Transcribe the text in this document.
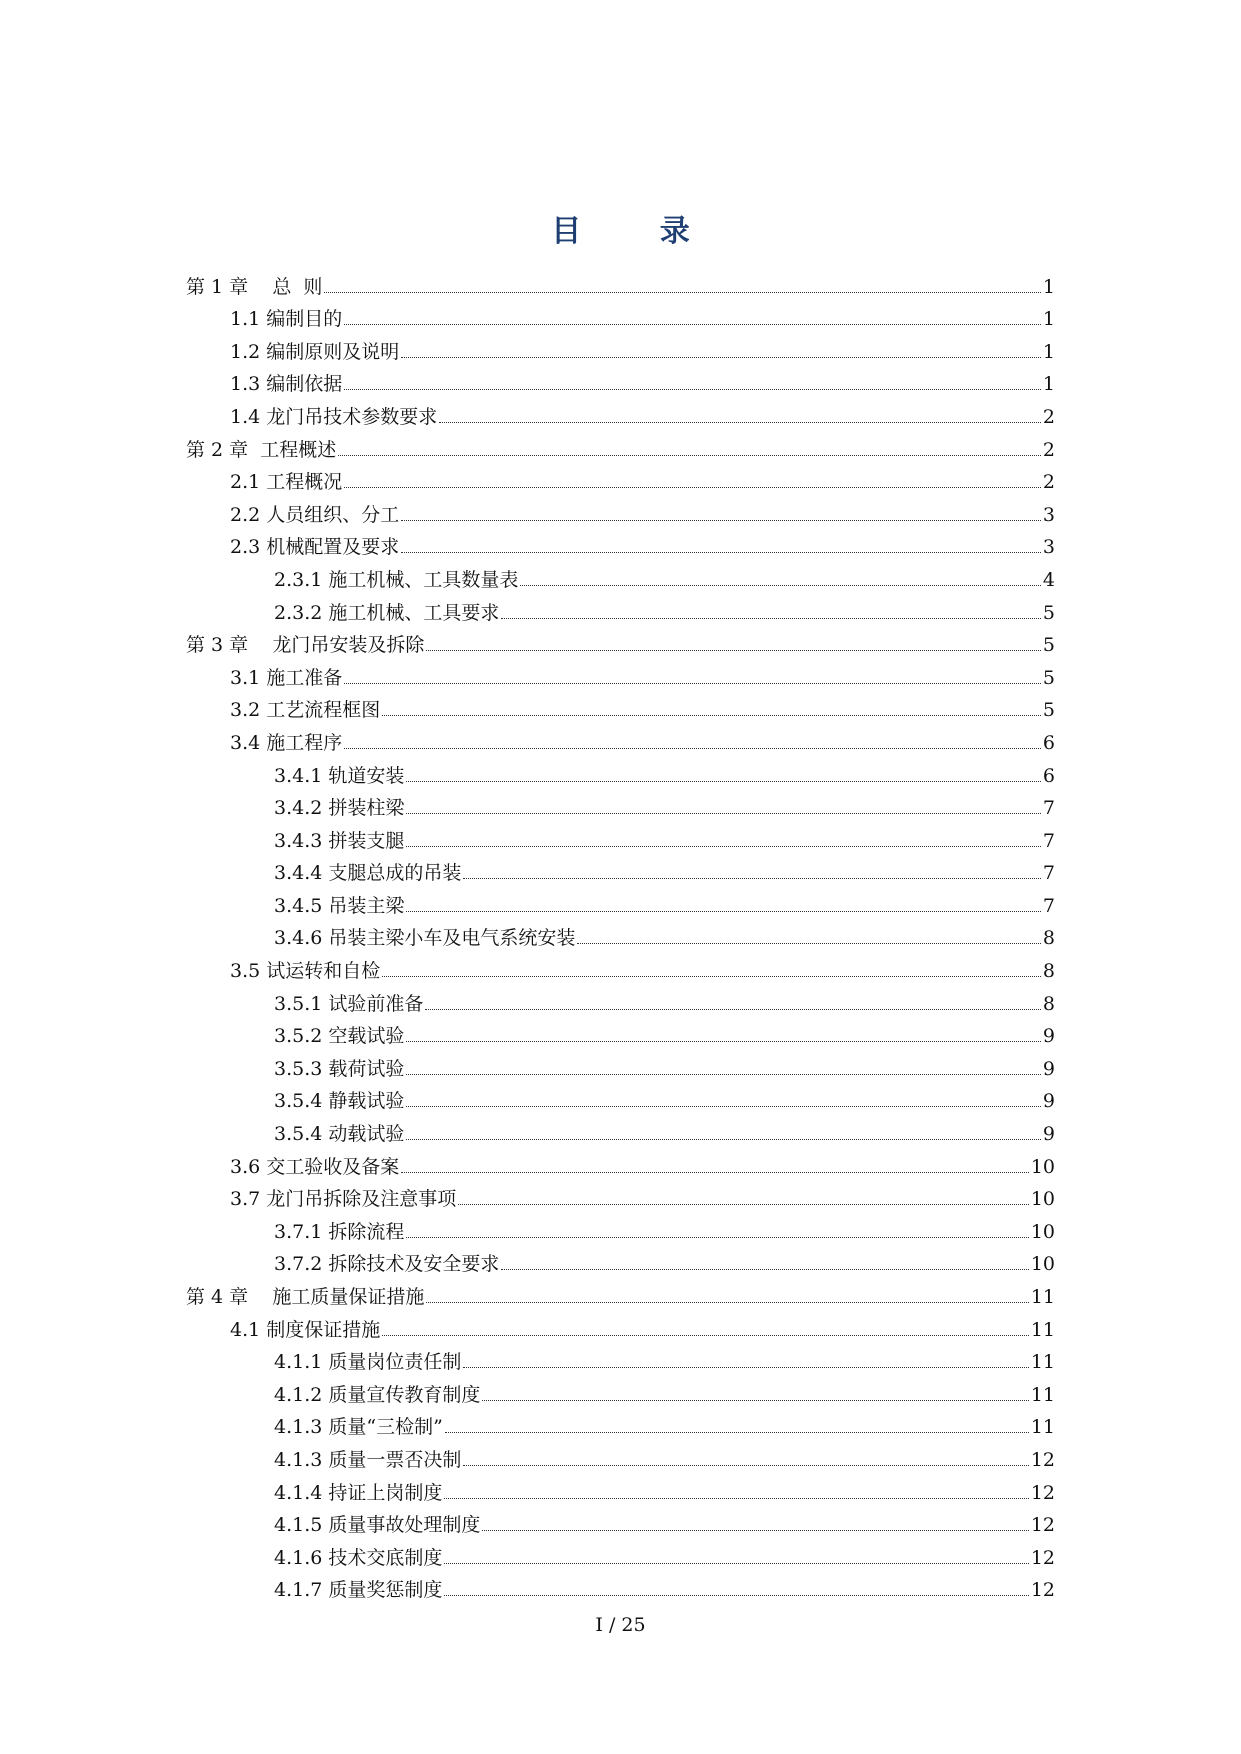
目 录
第 1 章    总  则	1
1.1 编制目的	1
1.2 编制原则及说明	1
1.3 编制依据	1
1.4 龙门吊技术参数要求	2
第 2 章  工程概述	2
2.1 工程概况	2
2.2 人员组织、分工	3
2.3 机械配置及要求	3
2.3.1 施工机械、工具数量表	4
2.3.2 施工机械、工具要求	5
第 3 章    龙门吊安装及拆除	5
3.1 施工准备	5
3.2 工艺流程框图	5
3.4 施工程序	6
3.4.1 轨道安装	6
3.4.2 拼装柱梁	7
3.4.3 拼装支腿	7
3.4.4 支腿总成的吊装	7
3.4.5 吊装主梁	7
3.4.6 吊装主梁小车及电气系统安装	8
3.5 试运转和自检	8
3.5.1 试验前准备	8
3.5.2 空载试验	9
3.5.3 载荷试验	9
3.5.4 静载试验	9
3.5.4 动载试验	9
3.6 交工验收及备案	10
3.7 龙门吊拆除及注意事项	10
3.7.1 拆除流程	10
3.7.2 拆除技术及安全要求	10
第 4 章    施工质量保证措施	11
4.1 制度保证措施	11
4.1.1 质量岗位责任制	11
4.1.2 质量宣传教育制度	11
4.1.3 质量“三检制”	11
4.1.3 质量一票否决制	12
4.1.4 持证上岗制度	12
4.1.5 质量事故处理制度	12
4.1.6 技术交底制度	12
4.1.7 质量奖惩制度	12
I / 25
